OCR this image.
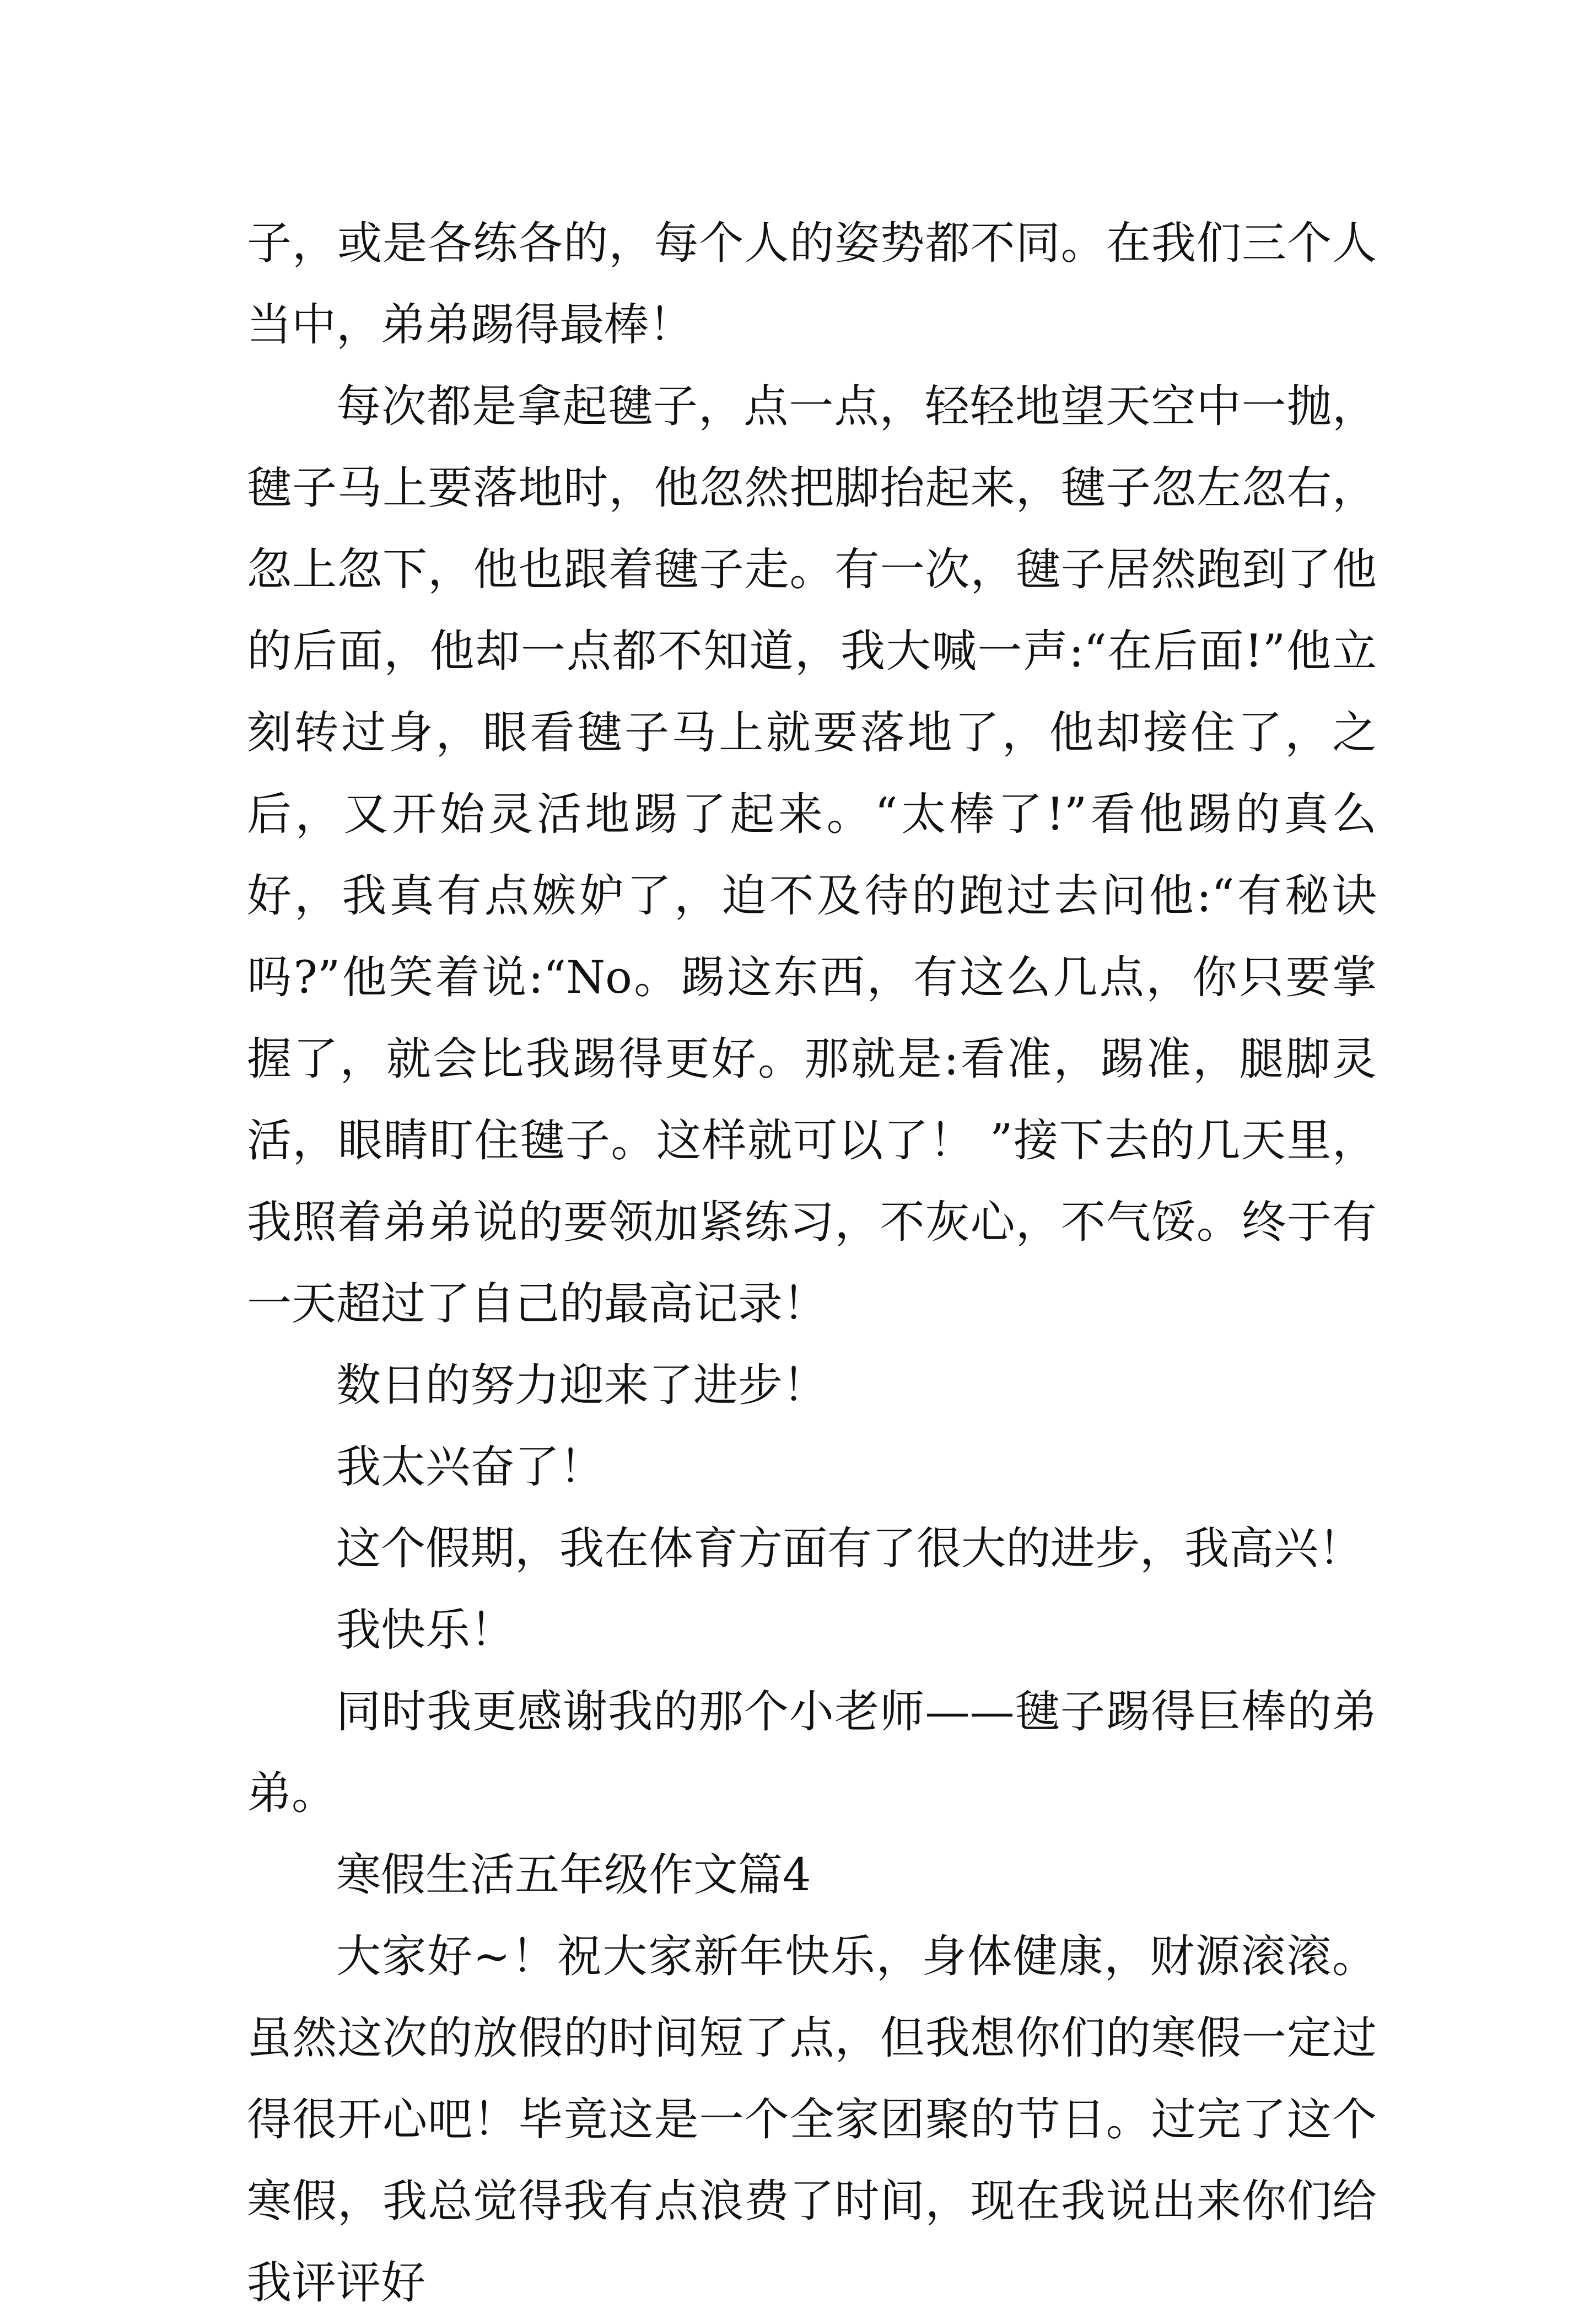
子，或是各练各的，每个人的姿势都不同。在我们三个人当中，弟弟踢得最棒！

每次都是拿起毽子，点一点，轻轻地望天空中一抛，毽子马上要落地时，他忽然把脚抬起来，毽子忽左忽右，忽上忽下，他也跟着毽子走。有一次，毽子居然跑到了他的后面，他却一点都不知道，我大喊一声:“在后面!”他立刻转过身，眼看毽子马上就要落地了，他却接住了，之后，又开始灵活地踢了起来。“太棒了!”看他踢的真么好，我真有点嫉妒了，迫不及待的跑过去问他:“有秘诀吗?”他笑着说:“No。踢这东西，有这么几点，你只要掌握了，就会比我踢得更好。那就是:看准，踢准，腿脚灵活，眼睛盯住毽子。这样就可以了！ ”接下去的几天里，我照着弟弟说的要领加紧练习，不灰心，不气馁。终于有一天超过了自己的最高记录！

数日的努力迎来了进步！

我太兴奋了！

这个假期，我在体育方面有了很大的进步，我高兴！

我快乐！

同时我更感谢我的那个小老师——毽子踢得巨棒的弟弟。

寒假生活五年级作文篇4

大家好~！祝大家新年快乐，身体健康，财源滚滚。虽然这次的放假的时间短了点，但我想你们的寒假一定过得很开心吧！毕竟这是一个全家团聚的节日。过完了这个寒假，我总觉得我有点浪费了时间，现在我说出来你们给我评评好
